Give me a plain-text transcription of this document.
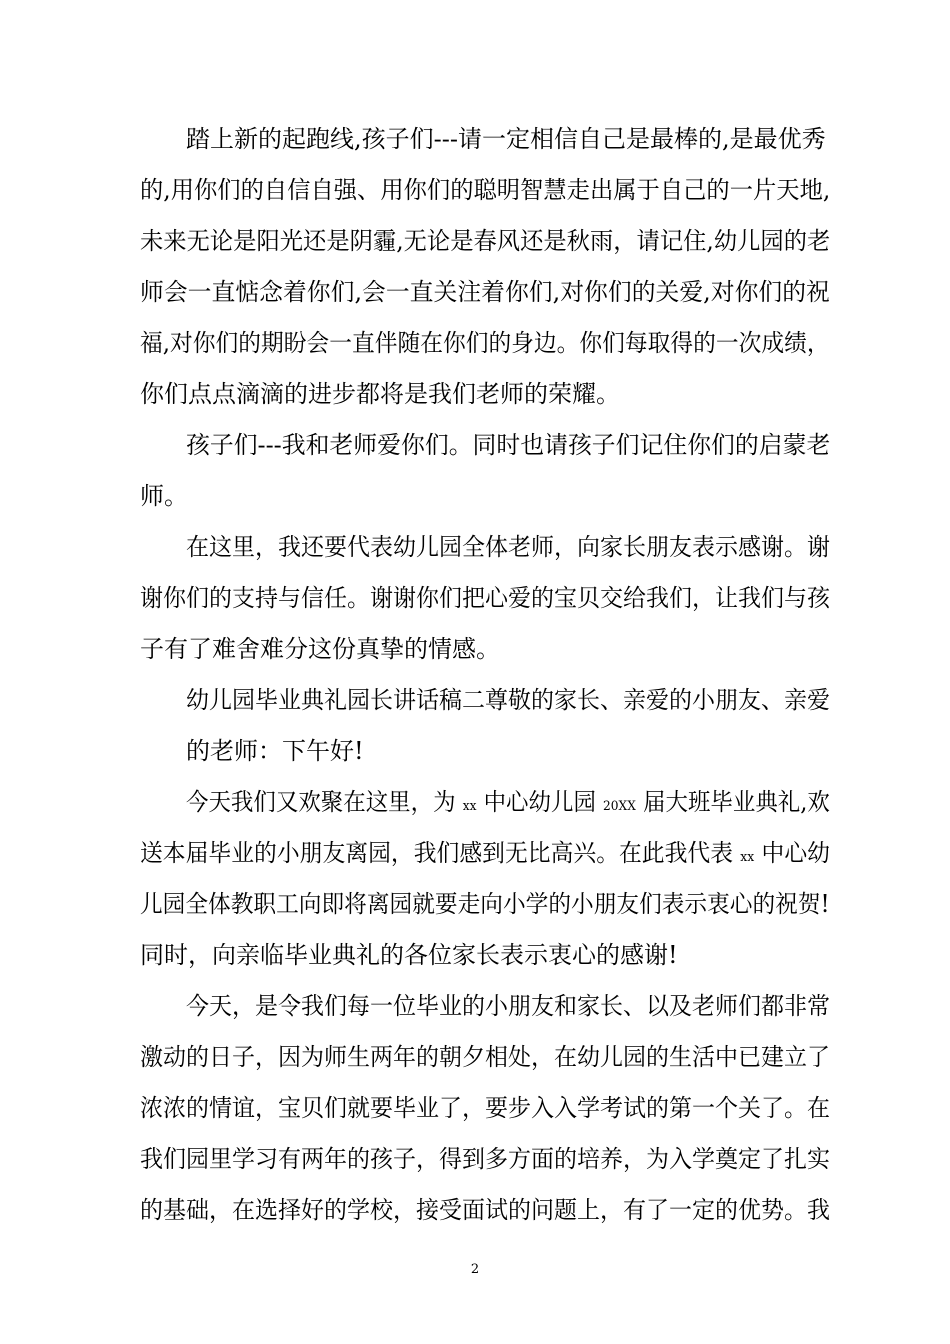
踏上新的起跑线,孩子们---请一定相信自己是最棒的,是最优秀
的,用你们的自信自强、用你们的聪明智慧走出属于自己的一片天地,
未来无论是阳光还是阴霾,无论是春风还是秋雨，请记住,幼儿园的老
师会一直惦念着你们,会一直关注着你们,对你们的关爱,对你们的祝
福,对你们的期盼会一直伴随在你们的身边。你们每取得的一次成绩，
你们点点滴滴的进步都将是我们老师的荣耀。
孩子们---我和老师爱你们。同时也请孩子们记住你们的启蒙老
师。
在这里，我还要代表幼儿园全体老师，向家长朋友表示感谢。谢
谢你们的支持与信任。谢谢你们把心爱的宝贝交给我们，让我们与孩
子有了难舍难分这份真挚的情感。
幼儿园毕业典礼园长讲话稿二尊敬的家长、亲爱的小朋友、亲爱
的老师：下午好!
今天我们又欢聚在这里，为 xx 中心幼儿园 20XX 届大班毕业典礼,欢
送本届毕业的小朋友离园，我们感到无比高兴。在此我代表 xx 中心幼
儿园全体教职工向即将离园就要走向小学的小朋友们表示衷心的祝贺!
同时，向亲临毕业典礼的各位家长表示衷心的感谢!
今天，是令我们每一位毕业的小朋友和家长、以及老师们都非常
激动的日子，因为师生两年的朝夕相处，在幼儿园的生活中已建立了
浓浓的情谊，宝贝们就要毕业了，要步入入学考试的第一个关了。在
我们园里学习有两年的孩子，得到多方面的培养，为入学奠定了扎实
的基础，在选择好的学校，接受面试的问题上，有了一定的优势。我
2
